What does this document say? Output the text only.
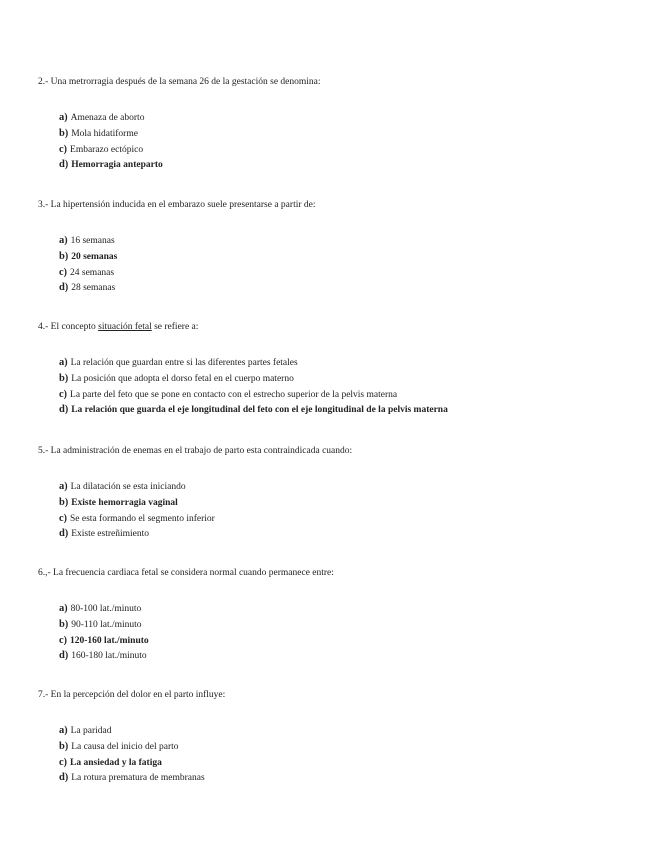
2.- Una metrorragia después de la semana 26 de la gestación se denomina:
a ) Amenaza de aborto
b ) Mola hidatiforme
c ) Embarazo ectópico
d ) Hemorragia anteparto
3.- La hipertensión inducida en el embarazo suele presentarse a partir de:
a ) 16 semanas
b ) 20 semanas
c ) 24 semanas
d ) 28 semanas
4.- El concepto situación fetal se refiere a:
a ) La relación que guardan entre si las diferentes partes fetales
b ) La posición que adopta el dorso fetal en el cuerpo materno
c ) La parte del feto que se pone en contacto con el estrecho superior de la pelvis materna
d ) La relación que guarda el eje longitudinal del feto con el eje longitudinal de la pelvis materna
5.- La administración de enemas en el trabajo de parto esta contraindicada cuando:
a ) La dilatación se esta iniciando
b ) Existe hemorragia vaginal
c ) Se esta formando el segmento inferior
d ) Existe estreñimiento
6.,- La frecuencia cardiaca fetal se considera normal cuando permanece entre:
a ) 80-100 lat./minuto
b ) 90-110 lat./minuto
c ) 120-160 lat./minuto
d ) 160-180 lat./minuto
7.- En la percepción del dolor en el parto influye:
a ) La paridad
b ) La causa del inicio del parto
c ) La ansiedad y la fatiga
d ) La rotura prematura de membranas
